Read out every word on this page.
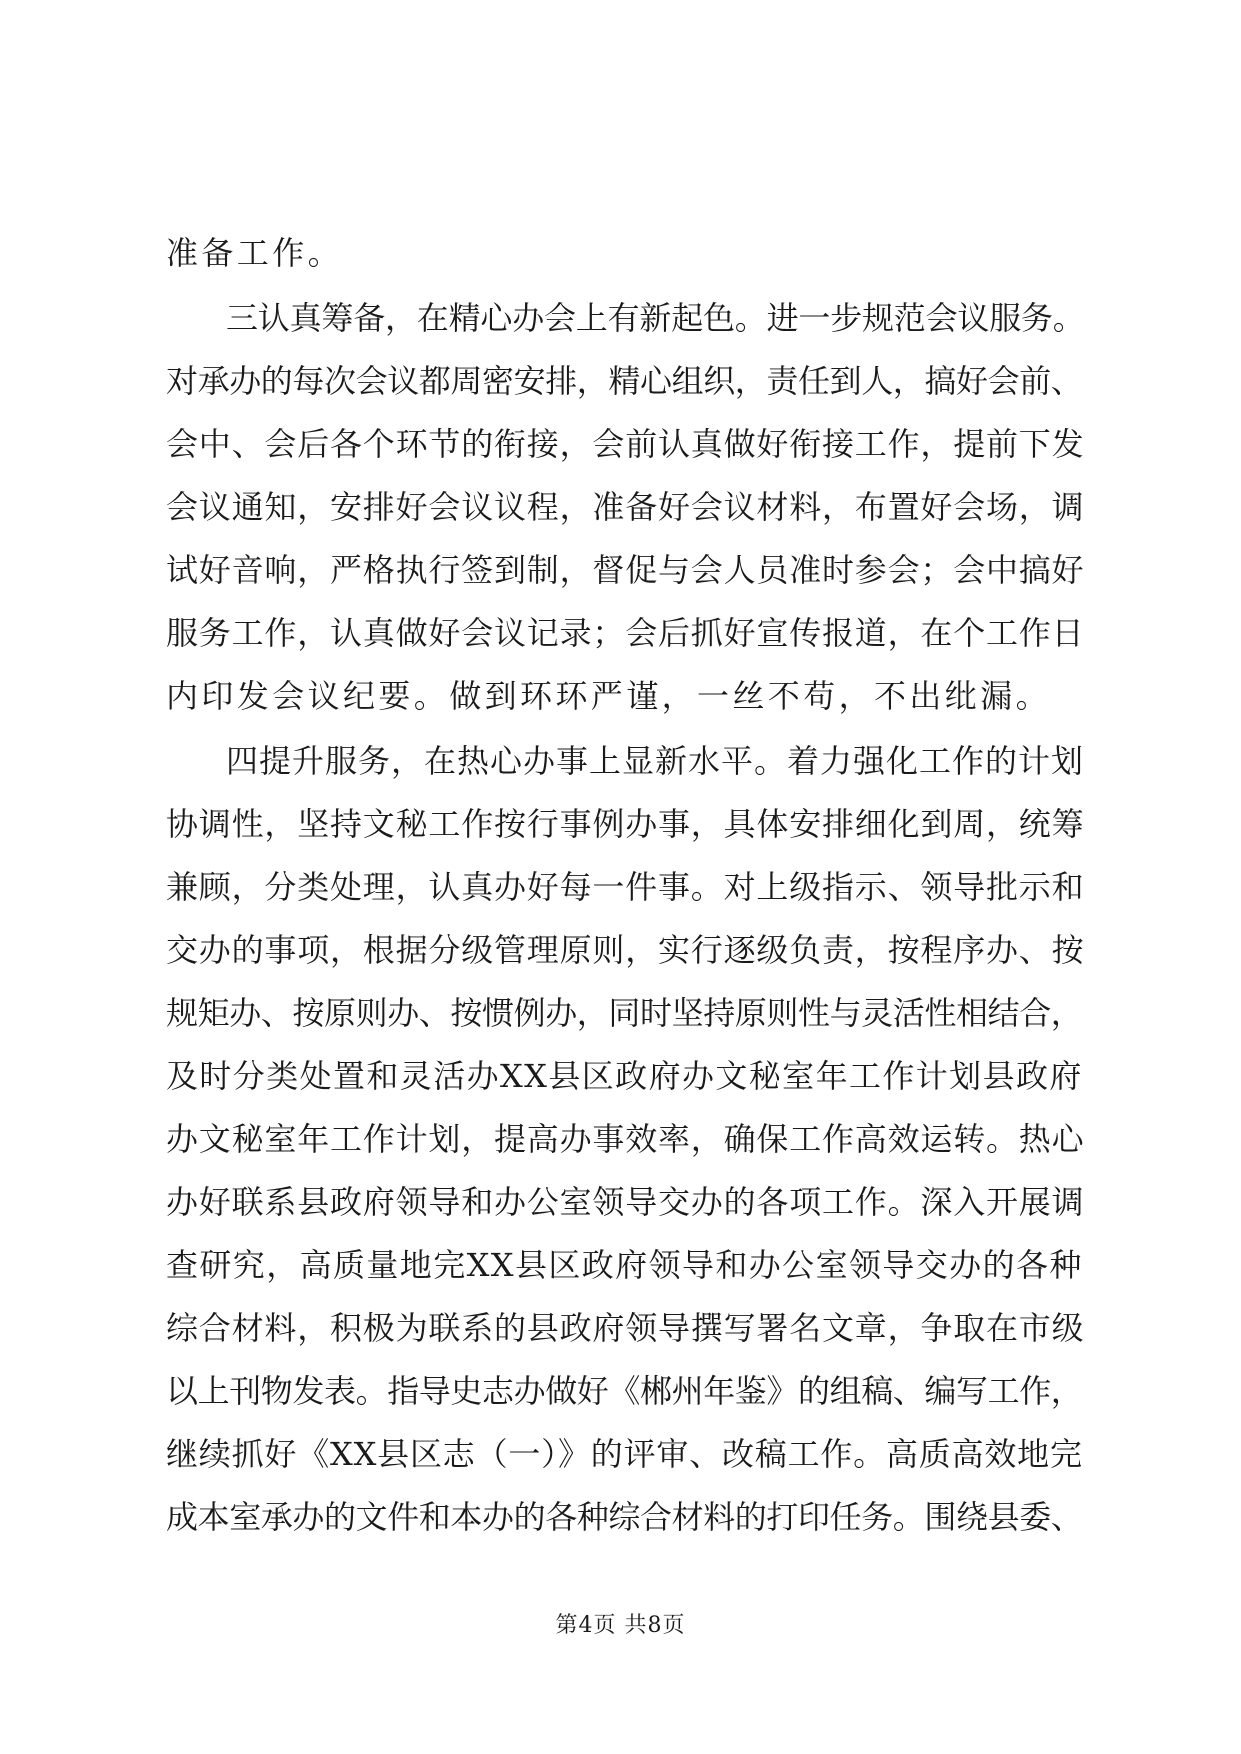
准备工作。
三认真筹备，在精心办会上有新起色。进一步规范会议服务。
对承办的每次会议都周密安排，精心组织，责任到人，搞好会前、
会中、会后各个环节的衔接，会前认真做好衔接工作，提前下发
会议通知，安排好会议议程，准备好会议材料，布置好会场，调
试好音响，严格执行签到制，督促与会人员准时参会；会中搞好
服务工作，认真做好会议记录；会后抓好宣传报道，在个工作日
内印发会议纪要。做到环环严谨，一丝不苟，不出纰漏。
四提升服务，在热心办事上显新水平。着力强化工作的计划
协调性，坚持文秘工作按行事例办事，具体安排细化到周，统筹
兼顾，分类处理，认真办好每一件事。对上级指示、领导批示和
交办的事项，根据分级管理原则，实行逐级负责，按程序办、按
规矩办、按原则办、按惯例办，同时坚持原则性与灵活性相结合，
及时分类处置和灵活办XX县区政府办文秘室年工作计划县政府
办文秘室年工作计划，提高办事效率，确保工作高效运转。热心
办好联系县政府领导和办公室领导交办的各项工作。深入开展调
查研究，高质量地完XX县区政府领导和办公室领导交办的各种
综合材料，积极为联系的县政府领导撰写署名文章，争取在市级
以上刊物发表。指导史志办做好《郴州年鉴》的组稿、编写工作，
继续抓好《XX县区志（一）》的评审、改稿工作。高质高效地完
成本室承办的文件和本办的各种综合材料的打印任务。围绕县委、
第4页 共8页
